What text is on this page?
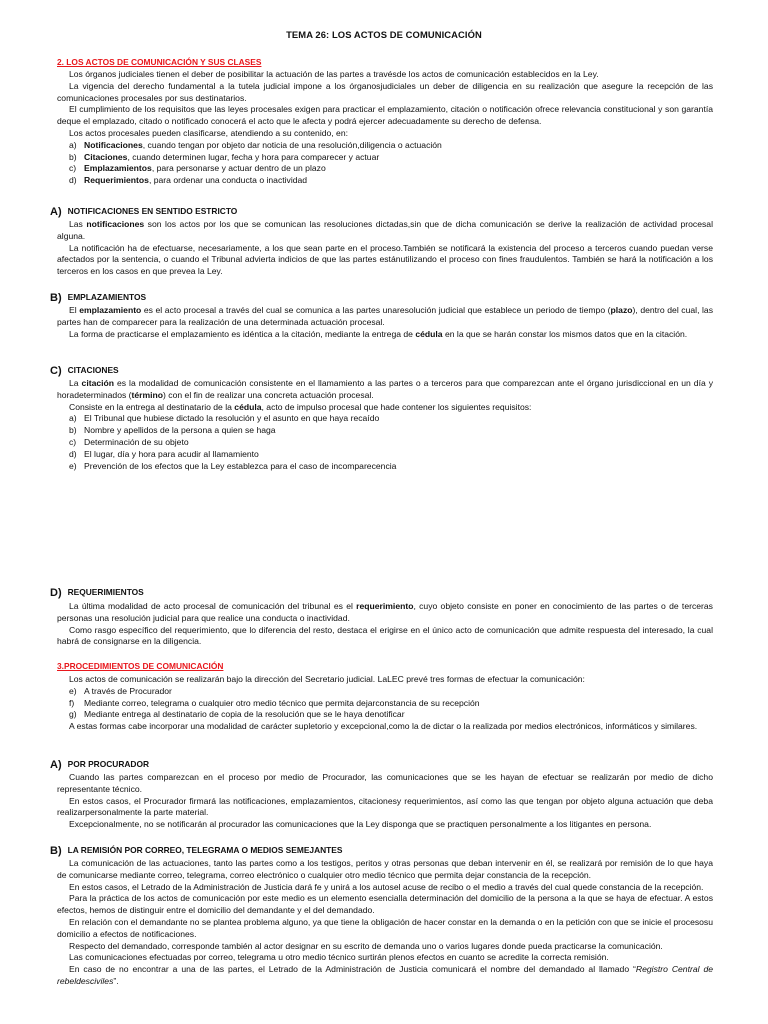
TEMA 26: LOS ACTOS DE COMUNICACIÓN
2. LOS ACTOS DE COMUNICACIÓN Y SUS CLASES
Los órganos judiciales tienen el deber de posibilitar la actuación de las partes a travésde los actos de comunicación establecidos en la Ley.
La vigencia del derecho fundamental a la tutela judicial impone a los órganosjudiciales un deber de diligencia en su realización que asegure la recepción de las comunicaciones procesales por sus destinatarios.
El cumplimiento de los requisitos que las leyes procesales exigen para practicar el emplazamiento, citación o notificación ofrece relevancia constitucional y son garantía deque el emplazado, citado o notificado conocerá el acto que le afecta y podrá ejercer adecuadamente su derecho de defensa.
Los actos procesales pueden clasificarse, atendiendo a su contenido, en:
a) Notificaciones, cuando tengan por objeto dar noticia de una resolución,diligencia o actuación
b) Citaciones, cuando determinen lugar, fecha y hora para comparecer y actuar
c) Emplazamientos, para personarse y actuar dentro de un plazo
d) Requerimientos, para ordenar una conducta o inactividad
A) NOTIFICACIONES EN SENTIDO ESTRICTO
Las notificaciones son los actos por los que se comunican las resoluciones dictadas,sin que de dicha comunicación se derive la realización de actividad procesal alguna.
La notificación ha de efectuarse, necesariamente, a los que sean parte en el proceso.También se notificará la existencia del proceso a terceros cuando puedan verse afectados por la sentencia, o cuando el Tribunal advierta indicios de que las partes estánutilizando el proceso con fines fraudulentos. También se hará la notificación a los terceros en los casos en que prevea la Ley.
B) EMPLAZAMIENTOS
El emplazamiento es el acto procesal a través del cual se comunica a las partes unaresolución judicial que establece un periodo de tiempo (plazo), dentro del cual, las partes han de comparecer para la realización de una determinada actuación procesal.
La forma de practicarse el emplazamiento es idéntica a la citación, mediante la entrega de cédula en la que se harán constar los mismos datos que en la citación.
C) CITACIONES
La citación es la modalidad de comunicación consistente en el llamamiento a las partes o a terceros para que comparezcan ante el órgano jurisdiccional en un día y horadeterminados (término) con el fin de realizar una concreta actuación procesal.
Consiste en la entrega al destinatario de la cédula, acto de impulso procesal que hade contener los siguientes requisitos:
a) El Tribunal que hubiese dictado la resolución y el asunto en que haya recaído
b) Nombre y apellidos de la persona a quien se haga
c) Determinación de su objeto
d) El lugar, día y hora para acudir al llamamiento
e) Prevención de los efectos que la Ley establezca para el caso de incomparecencia
D) REQUERIMIENTOS
La última modalidad de acto procesal de comunicación del tribunal es el requerimiento, cuyo objeto consiste en poner en conocimiento de las partes o de terceras personas una resolución judicial para que realice una conducta o inactividad.
Como rasgo específico del requerimiento, que lo diferencia del resto, destaca el erigirse en el único acto de comunicación que admite respuesta del interesado, la cual habrá de consignarse en la diligencia.
3.PROCEDIMIENTOS DE COMUNICACIÓN
Los actos de comunicación se realizarán bajo la dirección del Secretario judicial. LaLEC prevé tres formas de efectuar la comunicación:
e) A través de Procurador
f) Mediante correo, telegrama o cualquier otro medio técnico que permita dejarconstancia de su recepción
g) Mediante entrega al destinatario de copia de la resolución que se le haya denotificar
A estas formas cabe incorporar una modalidad de carácter supletorio y excepcional,como la de dictar o la realizada por medios electrónicos, informáticos y similares.
A) POR PROCURADOR
Cuando las partes comparezcan en el proceso por medio de Procurador, las comunicaciones que se les hayan de efectuar se realizarán por medio de dicho representante técnico.
En estos casos, el Procurador firmará las notificaciones, emplazamientos, citacionesy requerimientos, así como las que tengan por objeto alguna actuación que deba realizarpersonalmente la parte material.
Excepcionalmente, no se notificarán al procurador las comunicaciones que la Ley disponga que se practiquen personalmente a los litigantes en persona.
B) LA REMISIÓN POR CORREO, TELEGRAMA O MEDIOS SEMEJANTES
La comunicación de las actuaciones, tanto las partes como a los testigos, peritos y otras personas que deban intervenir en él, se realizará por remisión de lo que haya de comunicarse mediante correo, telegrama, correo electrónico o cualquier otro medio técnico que permita dejar constancia de la recepción.
En estos casos, el Letrado de la Administración de Justicia dará fe y unirá a los autosel acuse de recibo o el medio a través del cual quede constancia de la recepción.
Para la práctica de los actos de comunicación por este medio es un elemento esencialla determinación del domicilio de la persona a la que se haya de efectuar. A estos efectos, hemos de distinguir entre el domicilio del demandante y el del demandado.
En relación con el demandante no se plantea problema alguno, ya que tiene la obligación de hacer constar en la demanda o en la petición con que se inicie el procesosu domicilio a efectos de notificaciones.
Respecto del demandado, corresponde también al actor designar en su escrito de demanda uno o varios lugares donde pueda practicarse la comunicación.
Las comunicaciones efectuadas por correo, telegrama u otro medio técnico surtirán plenos efectos en cuanto se acredite la correcta remisión.
En caso de no encontrar a una de las partes, el Letrado de la Administración de Justicia comunicará el nombre del demandado al llamado “Registro Central de rebeldesciviles”.
